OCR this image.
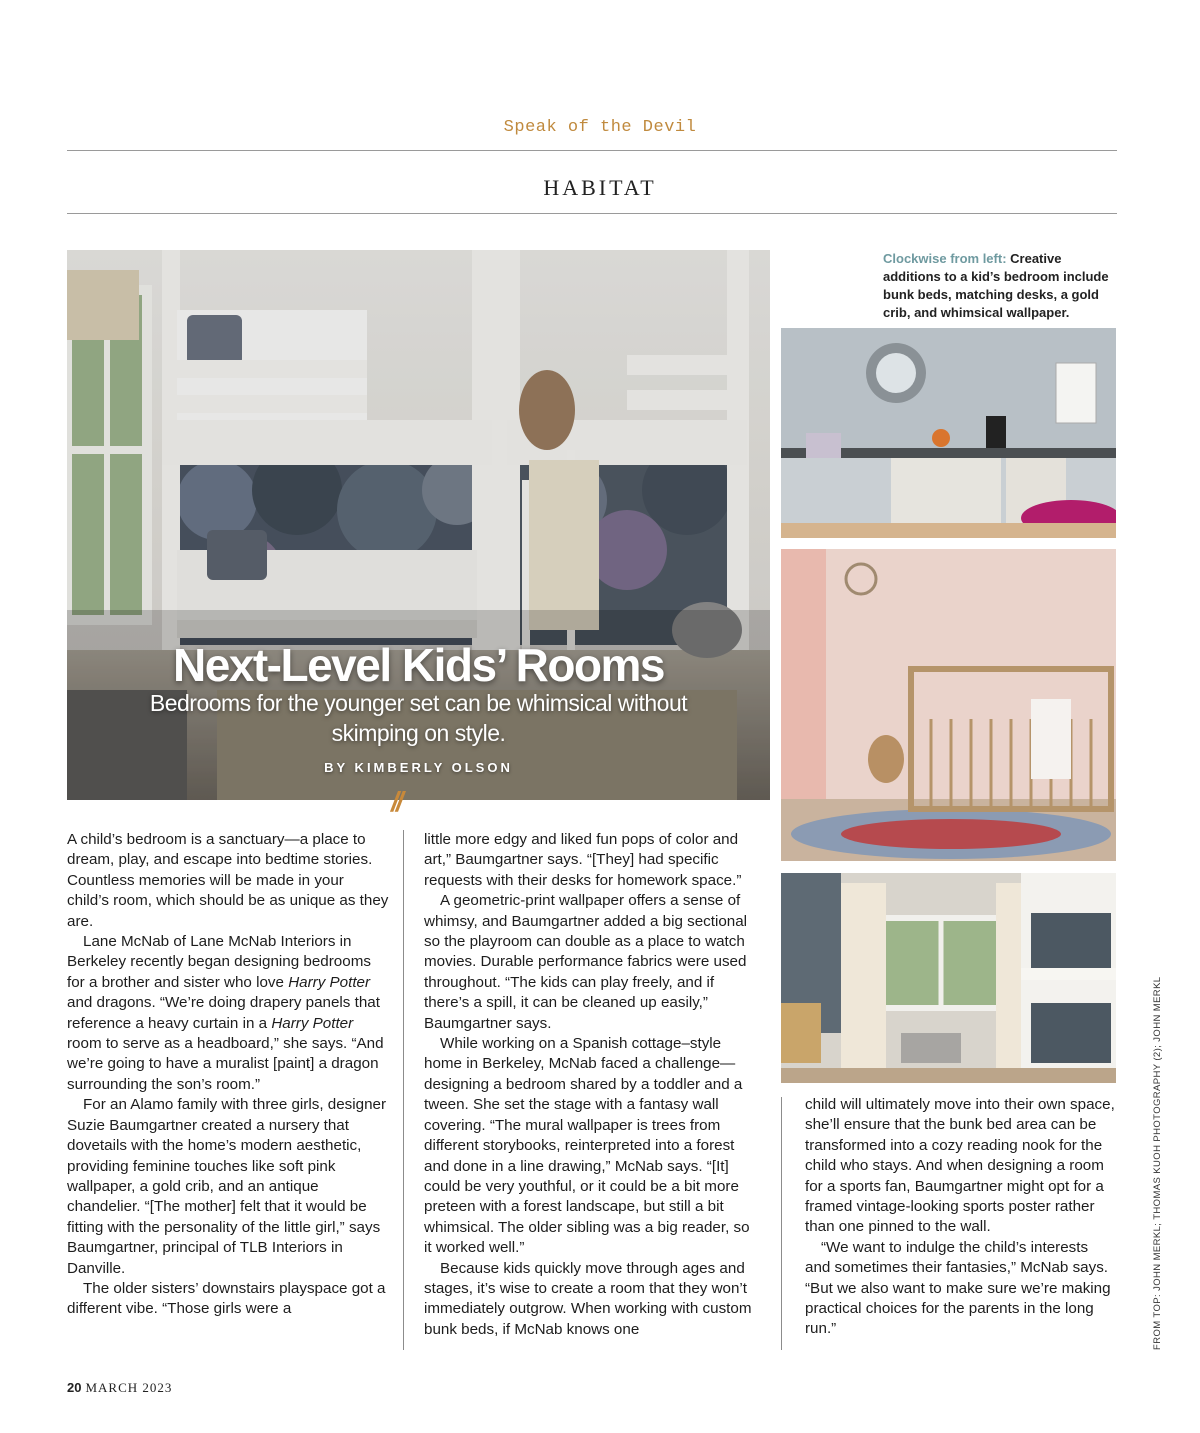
Speak of the Devil
HABITAT
Next-Level Kids’ Rooms
Bedrooms for the younger set can be whimsical without skimping on style.
BY KIMBERLY OLSON
//
Clockwise from left: Creative additions to a kid’s bedroom include bunk beds, matching desks, a gold crib, and whimsical wallpaper.

A child’s bedroom is a sanctuary—a place to dream, play, and escape into bedtime stories. Countless memories will be made in your child’s room, which should be as unique as they are.

Lane McNab of Lane McNab Interiors in Berkeley recently began designing bedrooms for a brother and sister who love Harry Potter and dragons. “We’re doing drapery panels that reference a heavy curtain in a Harry Potter room to serve as a headboard,” she says. “And we’re going to have a muralist [paint] a dragon surrounding the son’s room.”

For an Alamo family with three girls, designer Suzie Baumgartner created a nursery that dovetails with the home’s modern aesthetic, providing feminine touches like soft pink wallpaper, a gold crib, and an antique chandelier. “[The mother] felt that it would be fitting with the personality of the little girl,” says Baumgartner, principal of TLB Interiors in Danville.

The older sisters’ downstairs playspace got a different vibe. “Those girls were a

little more edgy and liked fun pops of color and art,” Baumgartner says. “[They] had specific requests with their desks for homework space.”

A geometric-print wallpaper offers a sense of whimsy, and Baumgartner added a big sectional so the playroom can double as a place to watch movies. Durable performance fabrics were used throughout. “The kids can play freely, and if there’s a spill, it can be cleaned up easily,” Baumgartner says.

While working on a Spanish cottage–style home in Berkeley, McNab faced a challenge—designing a bedroom shared by a toddler and a tween. She set the stage with a fantasy wall covering. “The mural wallpaper is trees from different storybooks, reinterpreted into a forest and done in a line drawing,” McNab says. “[It] could be very youthful, or it could be a bit more preteen with a forest landscape, but still a bit whimsical. The older sibling was a big reader, so it worked well.”

Because kids quickly move through ages and stages, it’s wise to create a room that they won’t immediately outgrow. When working with custom bunk beds, if McNab knows one

child will ultimately move into their own space, she’ll ensure that the bunk bed area can be transformed into a cozy reading nook for the child who stays. And when designing a room for a sports fan, Baumgartner might opt for a framed vintage-looking sports poster rather than one pinned to the wall.

“We want to indulge the child’s interests and sometimes their fantasies,” McNab says. “But we also want to make sure we’re making practical choices for the parents in the long run.”	FROM TOP: JOHN MERKL; THOMAS KUOH PHOTOGRAPHY (2); JOHN MERKL
20 MARCH 2023
